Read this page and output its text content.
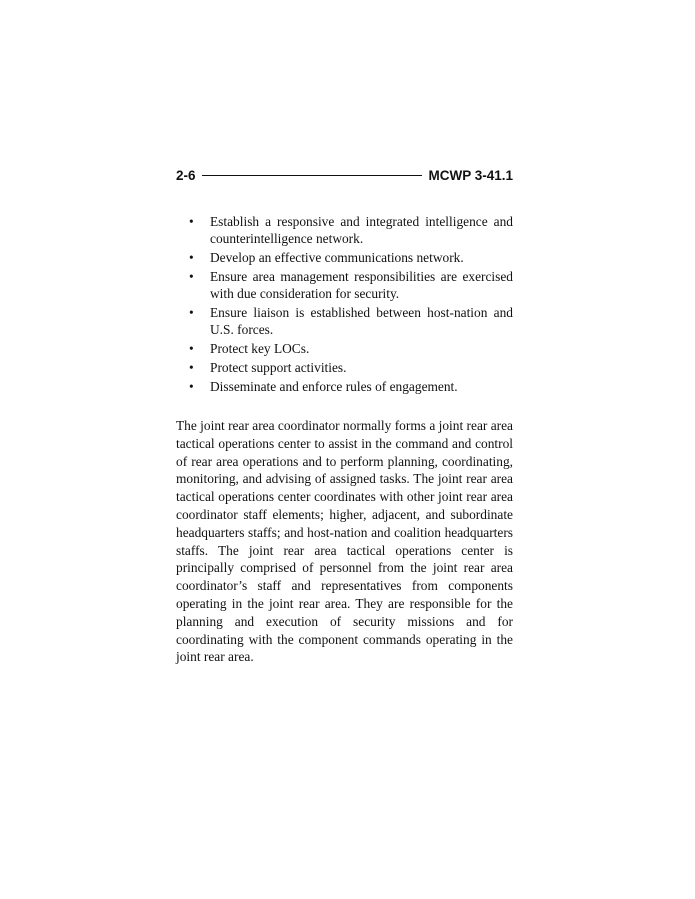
2-6	MCWP 3-41.1
• Establish a responsive and integrated intelligence and counterintelligence network.
• Develop an effective communications network.
• Ensure area management responsibilities are exercised with due consideration for security.
• Ensure liaison is established between host-nation and U.S. forces.
• Protect key LOCs.
• Protect support activities.
• Disseminate and enforce rules of engagement.

The joint rear area coordinator normally forms a joint rear area tactical operations center to assist in the command and control of rear area operations and to perform planning, coordinating, monitoring, and advising of assigned tasks. The joint rear area tactical operations center coordinates with other joint rear area coordinator staff elements; higher, adjacent, and subordinate headquarters staffs; and host-nation and coalition headquarters staffs. The joint rear area tactical operations center is principally comprised of personnel from the joint rear area coordinator’s staff and representatives from components operating in the joint rear area. They are responsible for the planning and execution of security missions and for coordinating with the component commands operating in the joint rear area.
